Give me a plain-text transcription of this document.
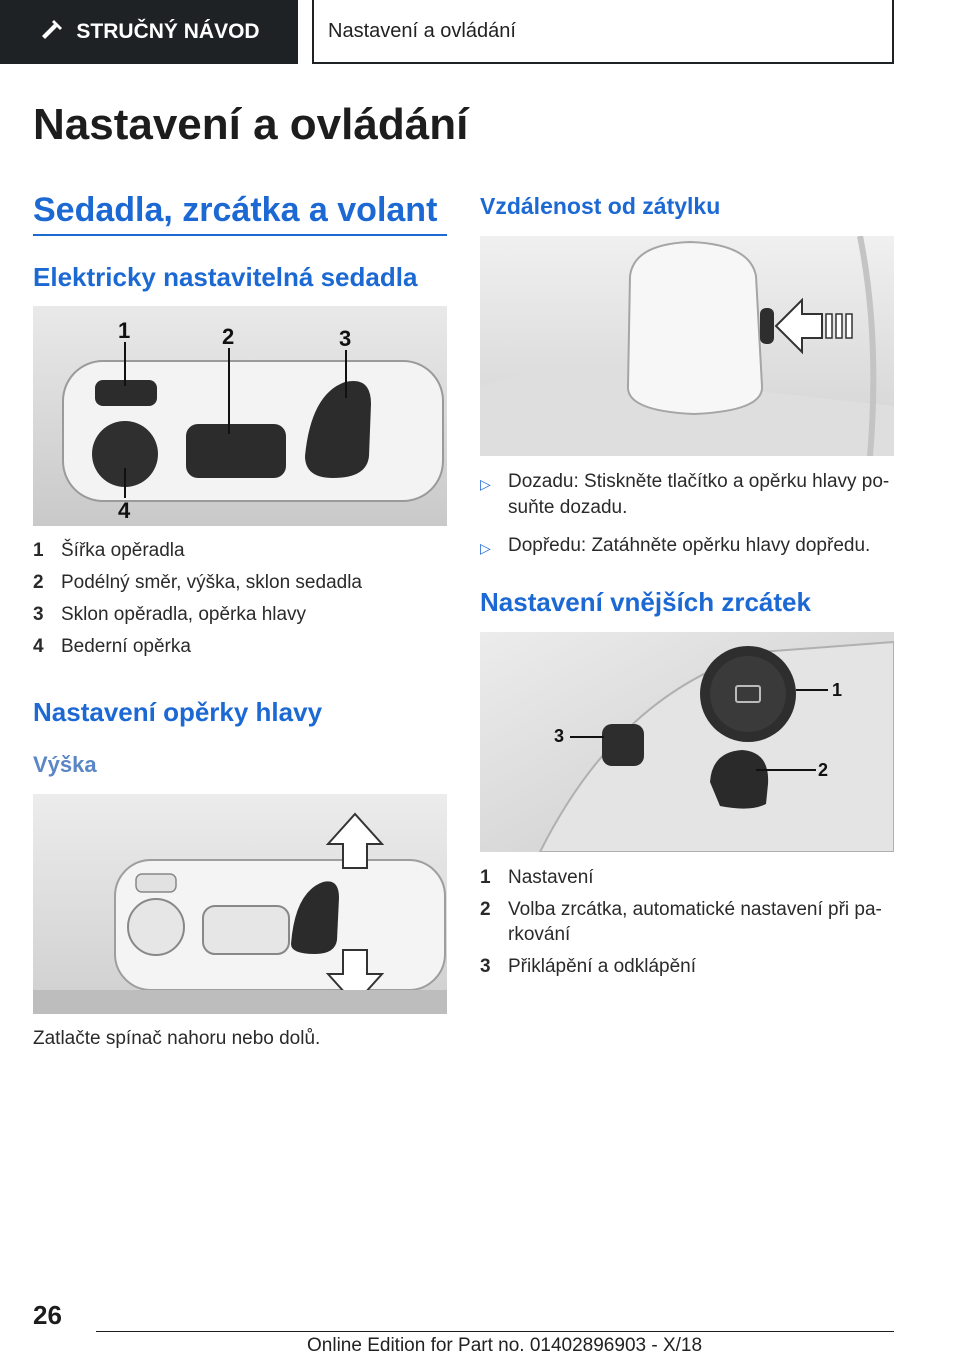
STRUČNÝ NÁVOD	Nastavení a ovládání
Nastavení a ovládání
Sedadla, zrcátka a volant
Elektricky nastavitelná sedadla
1	2	3
4
1 Šířka opěradla
2 Podélný směr, výška, sklon sedadla
3 Sklon opěradla, opěrka hlavy
4 Bederní opěrka
Nastavení opěrky hlavy
Výška

Zatlačte spínač nahoru nebo dolů.

Vzdálenost od zátylku
▷ Dozadu: Stiskněte tlačítko a opěrku hlavy po-
suňte dozadu.
▷ Dopředu: Zatáhněte opěrku hlavy dopředu.
Nastavení vnějších zrcátek
1
2
3
1 Nastavení
2 Volba zrcátka, automatické nastavení při pa-
rkování
3 Přiklápění a odklápění
26
Online Edition for Part no. 01402896903 - X/18
